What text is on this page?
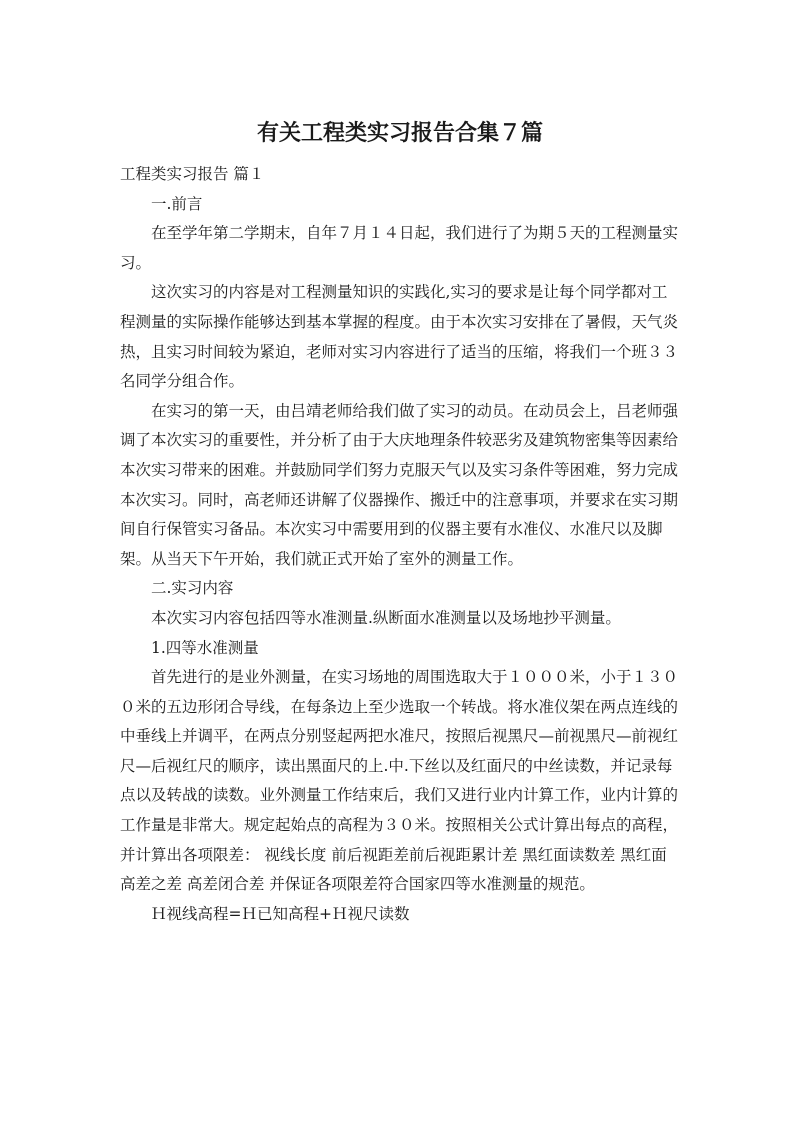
有关工程类实习报告合集７篇

工程类实习报告 篇１

一.前言

在至学年第二学期末，自年７月１４日起，我们进行了为期５天的工程测量实习。

这次实习的内容是对工程测量知识的实践化,实习的要求是让每个同学都对工程测量的实际操作能够达到基本掌握的程度。由于本次实习安排在了暑假，天气炎热，且实习时间较为紧迫，老师对实习内容进行了适当的压缩，将我们一个班３３名同学分组合作。

在实习的第一天，由吕靖老师给我们做了实习的动员。在动员会上，吕老师强调了本次实习的重要性，并分析了由于大庆地理条件较恶劣及建筑物密集等因素给本次实习带来的困难。并鼓励同学们努力克服天气以及实习条件等困难，努力完成本次实习。同时，高老师还讲解了仪器操作、搬迁中的注意事项，并要求在实习期间自行保管实习备品。本次实习中需要用到的仪器主要有水准仪、水准尺以及脚架。从当天下午开始，我们就正式开始了室外的测量工作。

二.实习内容

本次实习内容包括四等水准测量.纵断面水准测量以及场地抄平测量。

1.四等水准测量

首先进行的是业外测量，在实习场地的周围选取大于１０００米，小于１３００米的五边形闭合导线，在每条边上至少选取一个转战。将水准仪架在两点连线的中垂线上并调平，在两点分别竖起两把水准尺，按照后视黑尺—前视黑尺—前视红尺—后视红尺的顺序，读出黑面尺的上.中.下丝以及红面尺的中丝读数，并记录每点以及转战的读数。业外测量工作结束后，我们又进行业内计算工作，业内计算的工作量是非常大。规定起始点的高程为３０米。按照相关公式计算出每点的高程，并计算出各项限差： 视线长度 前后视距差前后视距累计差 黑红面读数差 黑红面高差之差 高差闭合差 并保证各项限差符合国家四等水准测量的规范。

Ｈ视线高程=Ｈ已知高程+Ｈ视尺读数
